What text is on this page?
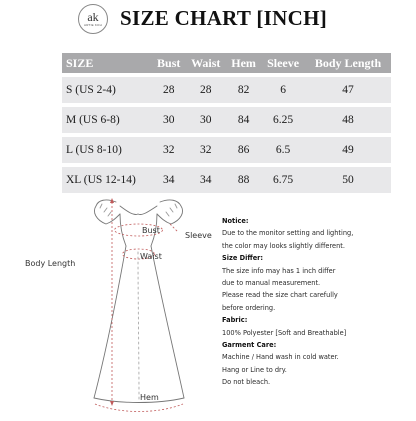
ak
ARTIE KOH SIZE CHART [INCH]
SIZE	Bust	Waist	Hem	Sleeve	Body Length
S (US 2-4)	28	28	82	6	47
M (US 6-8)	30	30	84	6.25	48
L (US 8-10)	32	32	86	6.5	49
XL (US 12-14)	34	34	88	6.75	50
Bust
Sleeve
Waist
Body Length
Hem
Notice:
Due to the monitor setting and lighting,
the color may looks slightly different.
Size Differ:
The size info may has 1 inch differ
due to manual measurement.
Please read the size chart carefully
before ordering.
Fabric:
100% Polyester [Soft and Breathable]
Garment Care:
Machine / Hand wash in cold water.
Hang or Line to dry.
Do not bleach.
